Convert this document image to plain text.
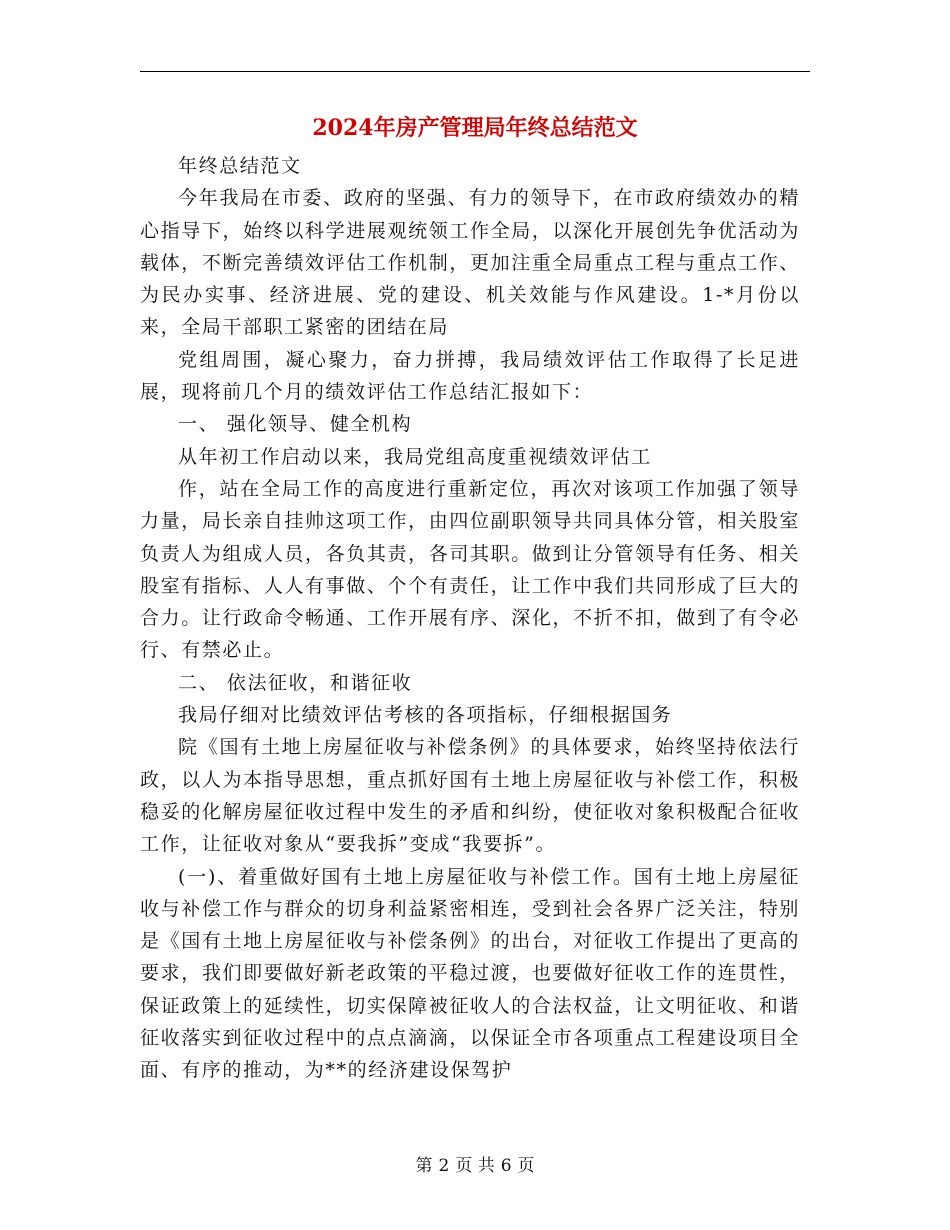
2024年房产管理局年终总结范文

年终总结范文

今年我局在市委、政府的坚强、有力的领导下，在市政府绩效办的精心指导下，始终以科学进展观统领工作全局，以深化开展创先争优活动为载体，不断完善绩效评估工作机制，更加注重全局重点工程与重点工作、为民办实事、经济进展、党的建设、机关效能与作风建设。1-*月份以来，全局干部职工紧密的团结在局

党组周围，凝心聚力，奋力拼搏，我局绩效评估工作取得了长足进展，现将前几个月的绩效评估工作总结汇报如下：

一、 强化领导、健全机构

从年初工作启动以来，我局党组高度重视绩效评估工

作，站在全局工作的高度进行重新定位，再次对该项工作加强了领导力量，局长亲自挂帅这项工作，由四位副职领导共同具体分管，相关股室负责人为组成人员，各负其责，各司其职。做到让分管领导有任务、相关股室有指标、人人有事做、个个有责任，让工作中我们共同形成了巨大的合力。让行政命令畅通、工作开展有序、深化，不折不扣，做到了有令必行、有禁必止。

二、 依法征收，和谐征收

我局仔细对比绩效评估考核的各项指标，仔细根据国务

院《国有土地上房屋征收与补偿条例》的具体要求，始终坚持依法行政，以人为本指导思想，重点抓好国有土地上房屋征收与补偿工作，积极稳妥的化解房屋征收过程中发生的矛盾和纠纷，使征收对象积极配合征收工作，让征收对象从“要我拆”变成“我要拆”。

(一)、着重做好国有土地上房屋征收与补偿工作。国有土地上房屋征收与补偿工作与群众的切身利益紧密相连，受到社会各界广泛关注，特别是《国有土地上房屋征收与补偿条例》的出台，对征收工作提出了更高的要求，我们即要做好新老政策的平稳过渡，也要做好征收工作的连贯性，保证政策上的延续性，切实保障被征收人的合法权益，让文明征收、和谐征收落实到征收过程中的点点滴滴，以保证全市各项重点工程建设项目全面、有序的推动，为**的经济建设保驾护

第 2 页 共 6 页
